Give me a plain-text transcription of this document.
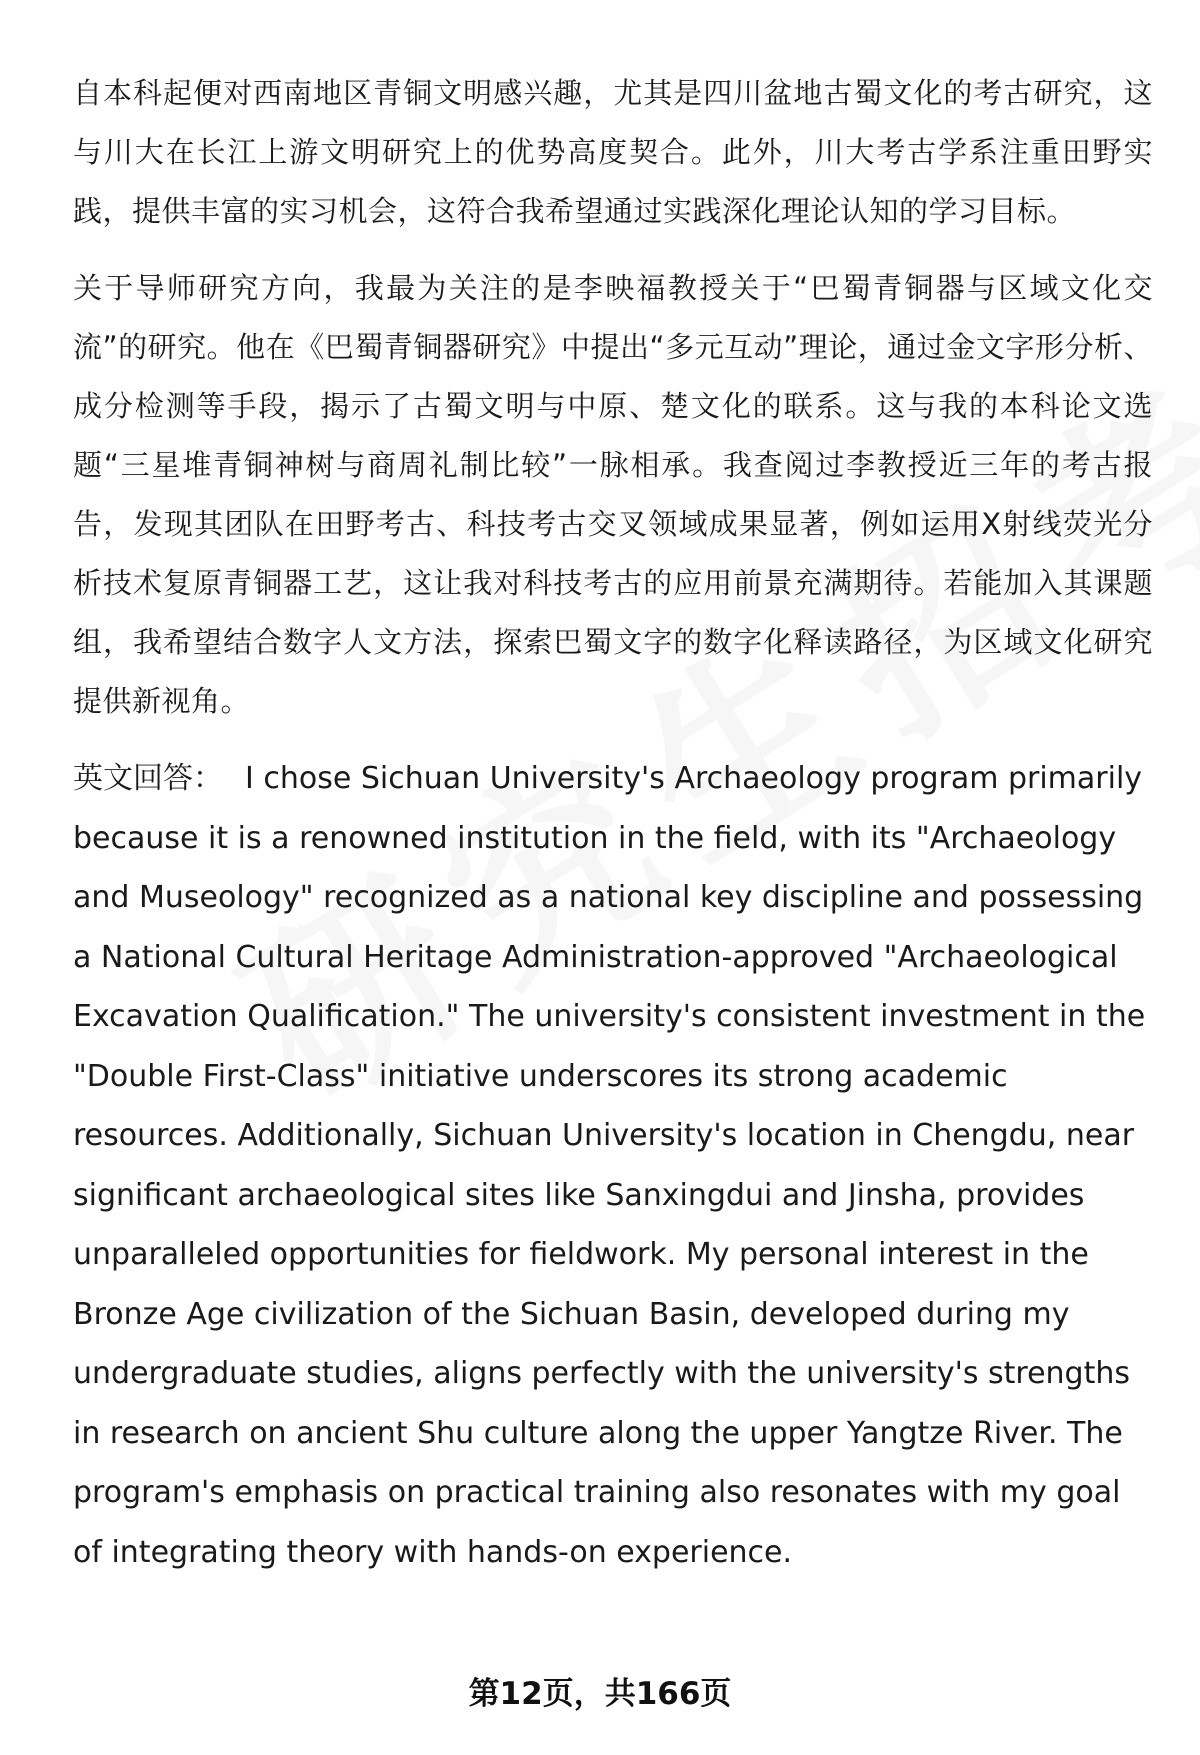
自本科起便对西南地区青铜文明感兴趣，尤其是四川盆地古蜀文化的考古研究，这与川大在长江上游文明研究上的优势高度契合。此外，川大考古学系注重田野实践，提供丰富的实习机会，这符合我希望通过实践深化理论认知的学习目标。

关于导师研究方向，我最为关注的是李映福教授关于“巴蜀青铜器与区域文化交流”的研究。他在《巴蜀青铜器研究》中提出“多元互动”理论，通过金文字形分析、成分检测等手段，揭示了古蜀文明与中原、楚文化的联系。这与我的本科论文选题“三星堆青铜神树与商周礼制比较”一脉相承。我查阅过李教授近三年的考古报告，发现其团队在田野考古、科技考古交叉领域成果显著，例如运用X射线荧光分析技术复原青铜器工艺，这让我对科技考古的应用前景充满期待。若能加入其课题组，我希望结合数字人文方法，探索巴蜀文字的数字化释读路径，为区域文化研究提供新视角。

英文回答： I chose Sichuan University's Archaeology program primarily because it is a renowned institution in the field, with its "Archaeology and Museology" recognized as a national key discipline and possessing a National Cultural Heritage Administration-approved "Archaeological Excavation Qualification." The university's consistent investment in the "Double First-Class" initiative underscores its strong academic resources. Additionally, Sichuan University's location in Chengdu, near significant archaeological sites like Sanxingdui and Jinsha, provides unparalleled opportunities for fieldwork. My personal interest in the Bronze Age civilization of the Sichuan Basin, developed during my undergraduate studies, aligns perfectly with the university's strengths in research on ancient Shu culture along the upper Yangtze River. The program's emphasis on practical training also resonates with my goal of integrating theory with hands-on experience.

第12页，共166页
